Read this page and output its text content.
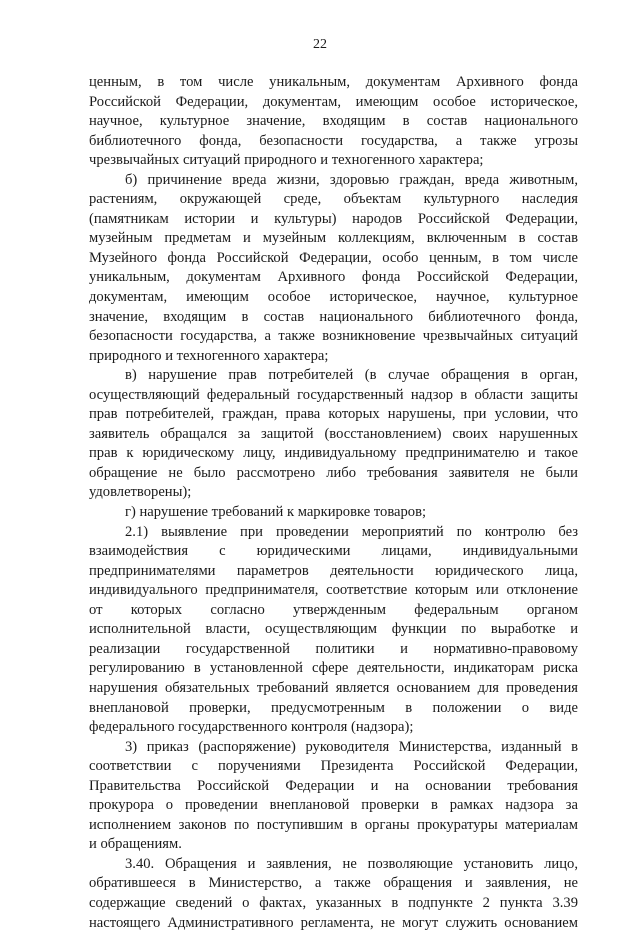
22
ценным, в том числе уникальным, документам Архивного фонда
Российской Федерации, документам, имеющим особое историческое,
научное, культурное значение, входящим в состав национального
библиотечного фонда, безопасности государства, а также угрозы
чрезвычайных ситуаций природного и техногенного характера;
б) причинение вреда жизни, здоровью граждан, вреда животным,
растениям, окружающей среде, объектам культурного наследия
(памятникам истории и культуры) народов Российской Федерации,
музейным предметам и музейным коллекциям, включенным в состав
Музейного фонда Российской Федерации, особо ценным, в том числе
уникальным, документам Архивного фонда Российской Федерации,
документам, имеющим особое историческое, научное, культурное
значение, входящим в состав национального библиотечного фонда,
безопасности государства, а также возникновение чрезвычайных ситуаций
природного и техногенного характера;
в) нарушение прав потребителей (в случае обращения в орган,
осуществляющий федеральный государственный надзор в области защиты
прав потребителей, граждан, права которых нарушены, при условии, что
заявитель обращался за защитой (восстановлением) своих нарушенных
прав к юридическому лицу, индивидуальному предпринимателю и такое
обращение не было рассмотрено либо требования заявителя не были
удовлетворены);
г) нарушение требований к маркировке товаров;
2.1) выявление при проведении мероприятий по контролю без
взаимодействия с юридическими лицами, индивидуальными
предпринимателями параметров деятельности юридического лица,
индивидуального предпринимателя, соответствие которым или отклонение
от которых согласно утвержденным федеральным органом
исполнительной власти, осуществляющим функции по выработке и
реализации государственной политики и нормативно-правовому
регулированию в установленной сфере деятельности, индикаторам риска
нарушения обязательных требований является основанием для проведения
внеплановой проверки, предусмотренным в положении о виде
федерального государственного контроля (надзора);
3) приказ (распоряжение) руководителя Министерства, изданный в
соответствии с поручениями Президента Российской Федерации,
Правительства Российской Федерации и на основании требования
прокурора о проведении внеплановой проверки в рамках надзора за
исполнением законов по поступившим в органы прокуратуры материалам
и обращениям.
3.40. Обращения и заявления, не позволяющие установить лицо,
обратившееся в Министерство, а также обращения и заявления, не
содержащие сведений о фактах, указанных в подпункте 2 пункта 3.39
настоящего Административного регламента, не могут служить основанием
